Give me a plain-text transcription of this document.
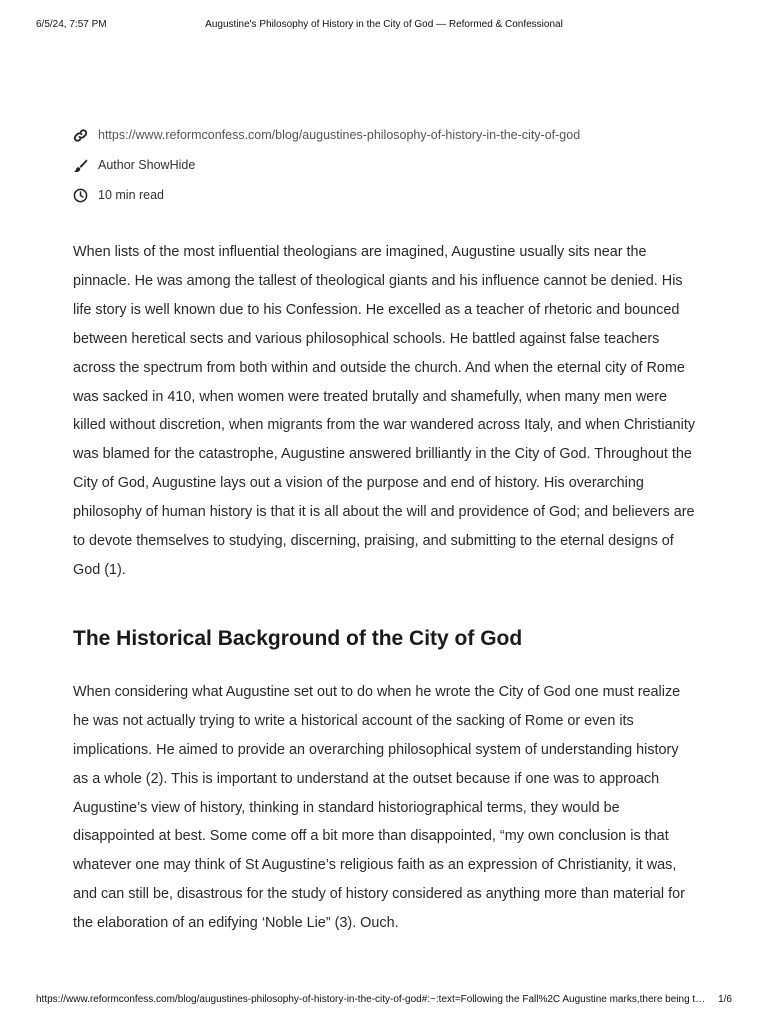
6/5/24, 7:57 PM	Augustine's Philosophy of History in the City of God — Reformed & Confessional
https://www.reformconfess.com/blog/augustines-philosophy-of-history-in-the-city-of-god
Author ShowHide
10 min read

When lists of the most influential theologians are imagined, Augustine usually sits near the pinnacle. He was among the tallest of theological giants and his influence cannot be denied. His life story is well known due to his Confession. He excelled as a teacher of rhetoric and bounced between heretical sects and various philosophical schools. He battled against false teachers across the spectrum from both within and outside the church. And when the eternal city of Rome was sacked in 410, when women were treated brutally and shamefully, when many men were killed without discretion, when migrants from the war wandered across Italy, and when Christianity was blamed for the catastrophe, Augustine answered brilliantly in the City of God. Throughout the City of God, Augustine lays out a vision of the purpose and end of history. His overarching philosophy of human history is that it is all about the will and providence of God; and believers are to devote themselves to studying, discerning, praising, and submitting to the eternal designs of God (1).

The Historical Background of the City of God

When considering what Augustine set out to do when he wrote the City of God one must realize he was not actually trying to write a historical account of the sacking of Rome or even its implications. He aimed to provide an overarching philosophical system of understanding history as a whole (2). This is important to understand at the outset because if one was to approach Augustine’s view of history, thinking in standard historiographical terms, they would be disappointed at best. Some come off a bit more than disappointed, “my own conclusion is that whatever one may think of St Augustine’s religious faith as an expression of Christianity, it was, and can still be, disastrous for the study of history considered as anything more than material for the elaboration of an edifying ‘Noble Lie” (3). Ouch.

https://www.reformconfess.com/blog/augustines-philosophy-of-history-in-the-city-of-god#:~:text=Following the Fall%2C Augustine marks,there being t…	1/6
